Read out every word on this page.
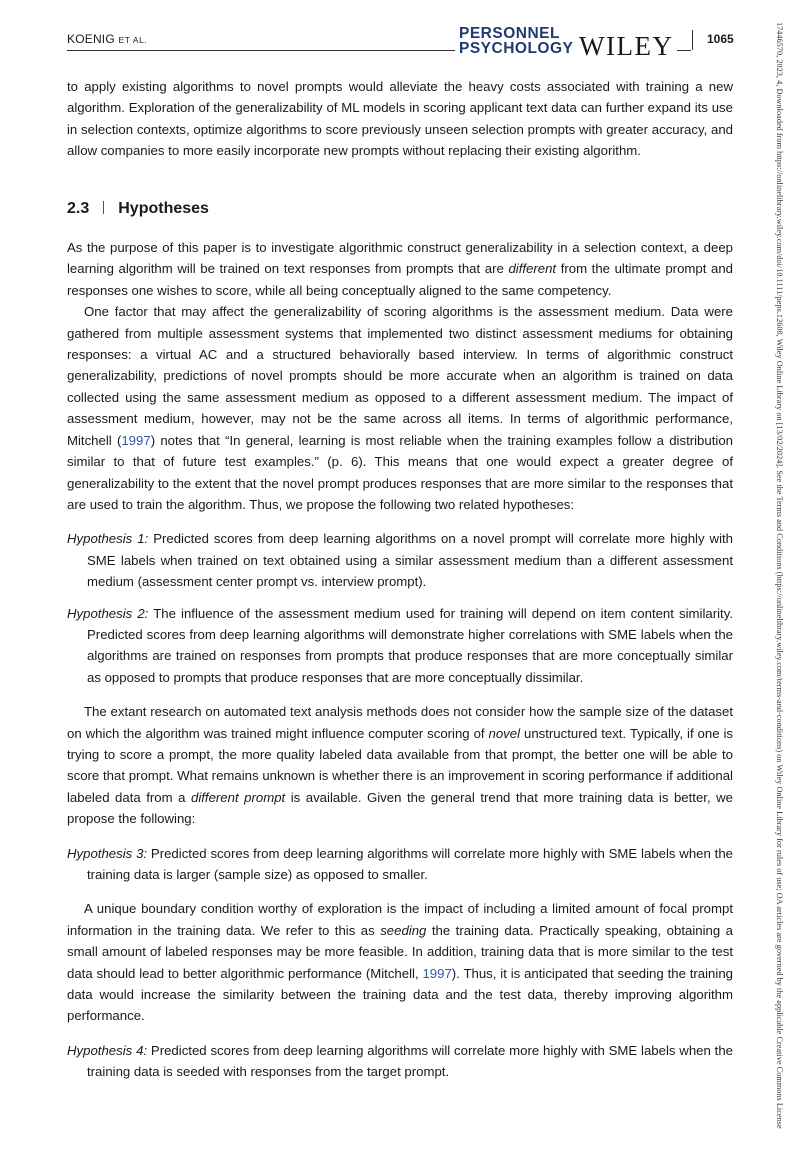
KOENIG ET AL.	PERSONNEL
PSYCHOLOGY WILEY	1065	17446570, 2023, 4, Downloaded from https://onlinelibrary.wiley.com/doi/10.1111/peps.12608, Wiley Online Library on [13/02/2024]. See the Terms and Conditions (https://onlinelibrary.wiley.com/terms-and-conditions) on Wiley Online Library for rules of use; OA articles are governed by the applicable Creative Commons License

to apply existing algorithms to novel prompts would alleviate the heavy costs associated with training a new algorithm. Exploration of the generalizability of ML models in scoring applicant text data can further expand its use in selection contexts, optimize algorithms to score previously unseen selection prompts with greater accuracy, and allow companies to more easily incorporate new prompts without replacing their existing algorithm.

2.3 Hypotheses

As the purpose of this paper is to investigate algorithmic construct generalizability in a selection context, a deep learning algorithm will be trained on text responses from prompts that are different from the ultimate prompt and responses one wishes to score, while all being conceptually aligned to the same competency.

One factor that may affect the generalizability of scoring algorithms is the assessment medium. Data were gathered from multiple assessment systems that implemented two distinct assessment mediums for obtaining responses: a virtual AC and a structured behaviorally based interview. In terms of algorithmic construct generalizability, predictions of novel prompts should be more accurate when an algorithm is trained on data collected using the same assessment medium as opposed to a different assessment medium. The impact of assessment medium, however, may not be the same across all items. In terms of algorithmic performance, Mitchell (1997) notes that “In general, learning is most reliable when the training examples follow a distribution similar to that of future test examples.” (p. 6). This means that one would expect a greater degree of generalizability to the extent that the novel prompt produces responses that are more similar to the responses that are used to train the algorithm. Thus, we propose the following two related hypotheses:

Hypothesis 1: Predicted scores from deep learning algorithms on a novel prompt will correlate more highly with SME labels when trained on text obtained using a similar assessment medium than a different assessment medium (assessment center prompt vs. interview prompt).

Hypothesis 2: The influence of the assessment medium used for training will depend on item content similarity. Predicted scores from deep learning algorithms will demonstrate higher correlations with SME labels when the algorithms are trained on responses from prompts that produce responses that are more conceptually similar as opposed to prompts that produce responses that are more conceptually dissimilar.

The extant research on automated text analysis methods does not consider how the sample size of the dataset on which the algorithm was trained might influence computer scoring of novel unstructured text. Typically, if one is trying to score a prompt, the more quality labeled data available from that prompt, the better one will be able to score that prompt. What remains unknown is whether there is an improvement in scoring performance if additional labeled data from a different prompt is available. Given the general trend that more training data is better, we propose the following:

Hypothesis 3: Predicted scores from deep learning algorithms will correlate more highly with SME labels when the training data is larger (sample size) as opposed to smaller.

A unique boundary condition worthy of exploration is the impact of including a limited amount of focal prompt information in the training data. We refer to this as seeding the training data. Practically speaking, obtaining a small amount of labeled responses may be more feasible. In addition, training data that is more similar to the test data should lead to better algorithmic performance (Mitchell, 1997). Thus, it is anticipated that seeding the training data would increase the similarity between the training data and the test data, thereby improving algorithm performance.

Hypothesis 4: Predicted scores from deep learning algorithms will correlate more highly with SME labels when the training data is seeded with responses from the target prompt.
